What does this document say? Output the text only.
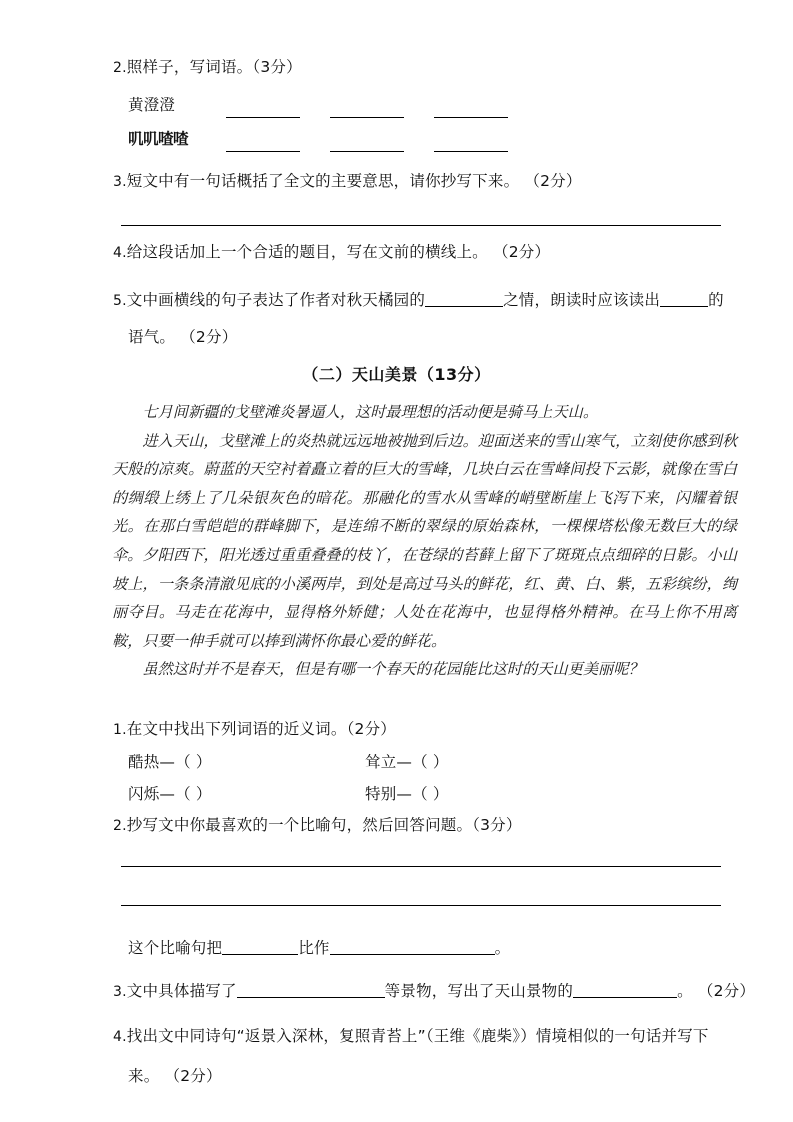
2.照样子，写词语。（3分）
黄澄澄
叽叽喳喳
3.短文中有一句话概括了全文的主要意思，请你抄写下来。 （2分）
4.给这段话加上一个合适的题目，写在文前的横线上。 （2分）
5.文中画横线的句子表达了作者对秋天橘园的	之情，朗读时应该读出	的
语气。 （2分）
（二）天山美景（13分）

七月间新疆的戈壁滩炎暑逼人，这时最理想的活动便是骑马上天山。

进入天山，戈壁滩上的炎热就远远地被抛到后边。迎面送来的雪山寒气，立刻使你感到秋天般的凉爽。蔚蓝的天空衬着矗立着的巨大的雪峰，几块白云在雪峰间投下云影，就像在雪白的绸缎上绣上了几朵银灰色的暗花。那融化的雪水从雪峰的峭壁断崖上飞泻下来，闪耀着银光。在那白雪皑皑的群峰脚下，是连绵不断的翠绿的原始森林，一棵棵塔松像无数巨大的绿伞。夕阳西下，阳光透过重重叠叠的枝丫，在苍绿的苔藓上留下了斑斑点点细碎的日影。小山坡上，一条条清澈见底的小溪两岸，到处是高过马头的鲜花，红、黄、白、紫，五彩缤纷，绚丽夺目。马走在花海中，显得格外矫健；人处在花海中，也显得格外精神。在马上你不用离鞍，只要一伸手就可以捧到满怀你最心爱的鲜花。

虽然这时并不是春天，但是有哪一个春天的花园能比这时的天山更美丽呢？

1.在文中找出下列词语的近义词。（2分）
酷热—（ ）	耸立—（ ）
闪烁—（ ）	特别—（ ）
2.抄写文中你最喜欢的一个比喻句，然后回答问题。（3分）
这个比喻句把	比作	。
3.文中具体描写了	等景物，写出了天山景物的	。 （2分）
4.找出文中同诗句“返景入深林，复照青苔上”（王维《鹿柴》）情境相似的一句话并写下
来。 （2分）
